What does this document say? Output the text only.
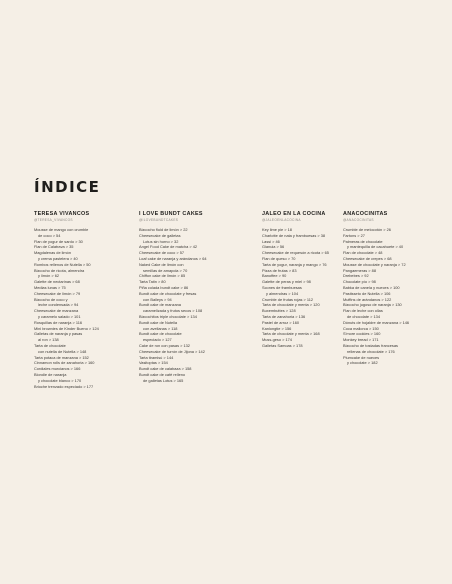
ÍNDICE
TERESA VIVANCOS
@TERESA_VIVANCOS
Mousse de mango con crumble
de coco > 54
Flan de yogur de sardo > 30
Flan de Calatrava > 35
Magdalenas de limón
y crema pastelera > 40
Rombos rellenos de Nutella > 50
Bizcocho de ricota, almendra
y limón > 62
Galette de nectarinas > 68
Medias lunas > 75
Cheesecake de limón > 79
Bizcocho de coco y
leche condensada > 94
Cheesecake de manzana
y caramelo salado > 101
Rosquillas de naranja > 116
Mini brownies de Kinder Bueno > 124
Galletas de naranja y pasas
al ron > 138
Tarta de chocolate
con nutella de Nutella > 148
Tarta potaca de manzana > 152
Cinnamon rolls de zanahoria > 160
Cordiales murcianos > 166
Blondie de naranja
y chocolate blanco > 170
Brioche trenzado especiado > 177
I LOVE BUNDT CAKES
@ILOVEBUNDTCAKES
Bizcocho fluid de limón > 22
Cheesecake de galletas
Lotus sin horno > 32
Angel Food Cake de matcha > 42
Cheesecake de coco > 57
Loaf cake de naranja y arándanos > 64
Naked Cake de limón con
semillas de amapola > 70
Chiffon cake de limón > 85
Tarta Tatin > 80
Piña colada bundt cake > 86
Bundt cake de chocolate y fresas
con Baileys > 94
Bundt cake de manzana
caramelizada y frutos secos > 108
Bizcochitos triple chocolate > 134
Bundt cake de Nutella
con avellanas > 118
Bundt cake de chocolate
especiado > 127
Cake de ron con pasas > 132
Cheesecake de turrón de Jijona > 142
Tarta tiramisú > 144
Vasitoptas > 154
Bundt cake de calabaza > 158
Bundt cake de café relleno
de galletas Lotus > 165
JALEO EN LA COCINA
@JALEOENLACOCINA
Key lime pie > 18
Charlotte de nata y frambuesas > 38
Lassi > 46
Gianuia > 56
Cheesecake de requesón a ricota > 65
Flan de queso > 70
Tarta de yogur, naranja y mango > 76
Pizza de frutas > 83
Banoffee > 90
Galette de peras y miel > 98
Scones de frambuesas
y almendras > 104
Crumble de frutas rojas > 112
Tarta de chocolate y menta > 120
Buxembuttes > 128
Tarta de zanahoria > 136
Pastel de arroz > 160
Kanlongtie > 156
Tarta de chocolate y menta > 168
Muss-geso > 174
Galletas Samoas > 178
ANACOCINITAS
@ANACOCINITAS
Crumble de melocotón > 26
Fartons > 27
Palmeras de chocolate
y mantequilla de cacahuete > 40
Flan de chocolate > 48
Cheesecake de crepes > 68
Mousse de chocolate y naranja > 72
Pangaemeras > 88
Drebebes > 92
Chocolate pío > 98
Babka de canela y nueces > 100
Pastisseto de Nutella > 106
Muffins de arándanos > 122
Bizcocho jugoso de naranja > 130
Flan de leche con ollas
de chocolate > 134
Dónuts de hojaldre de manzana > 146
Coca mallorca > 150
S'more cookies > 160
Monkey bread > 171
Bizcocho de tostadas francesas
rellenas de chocolate > 176
Plumcake de nueces
y chocolate > 182
